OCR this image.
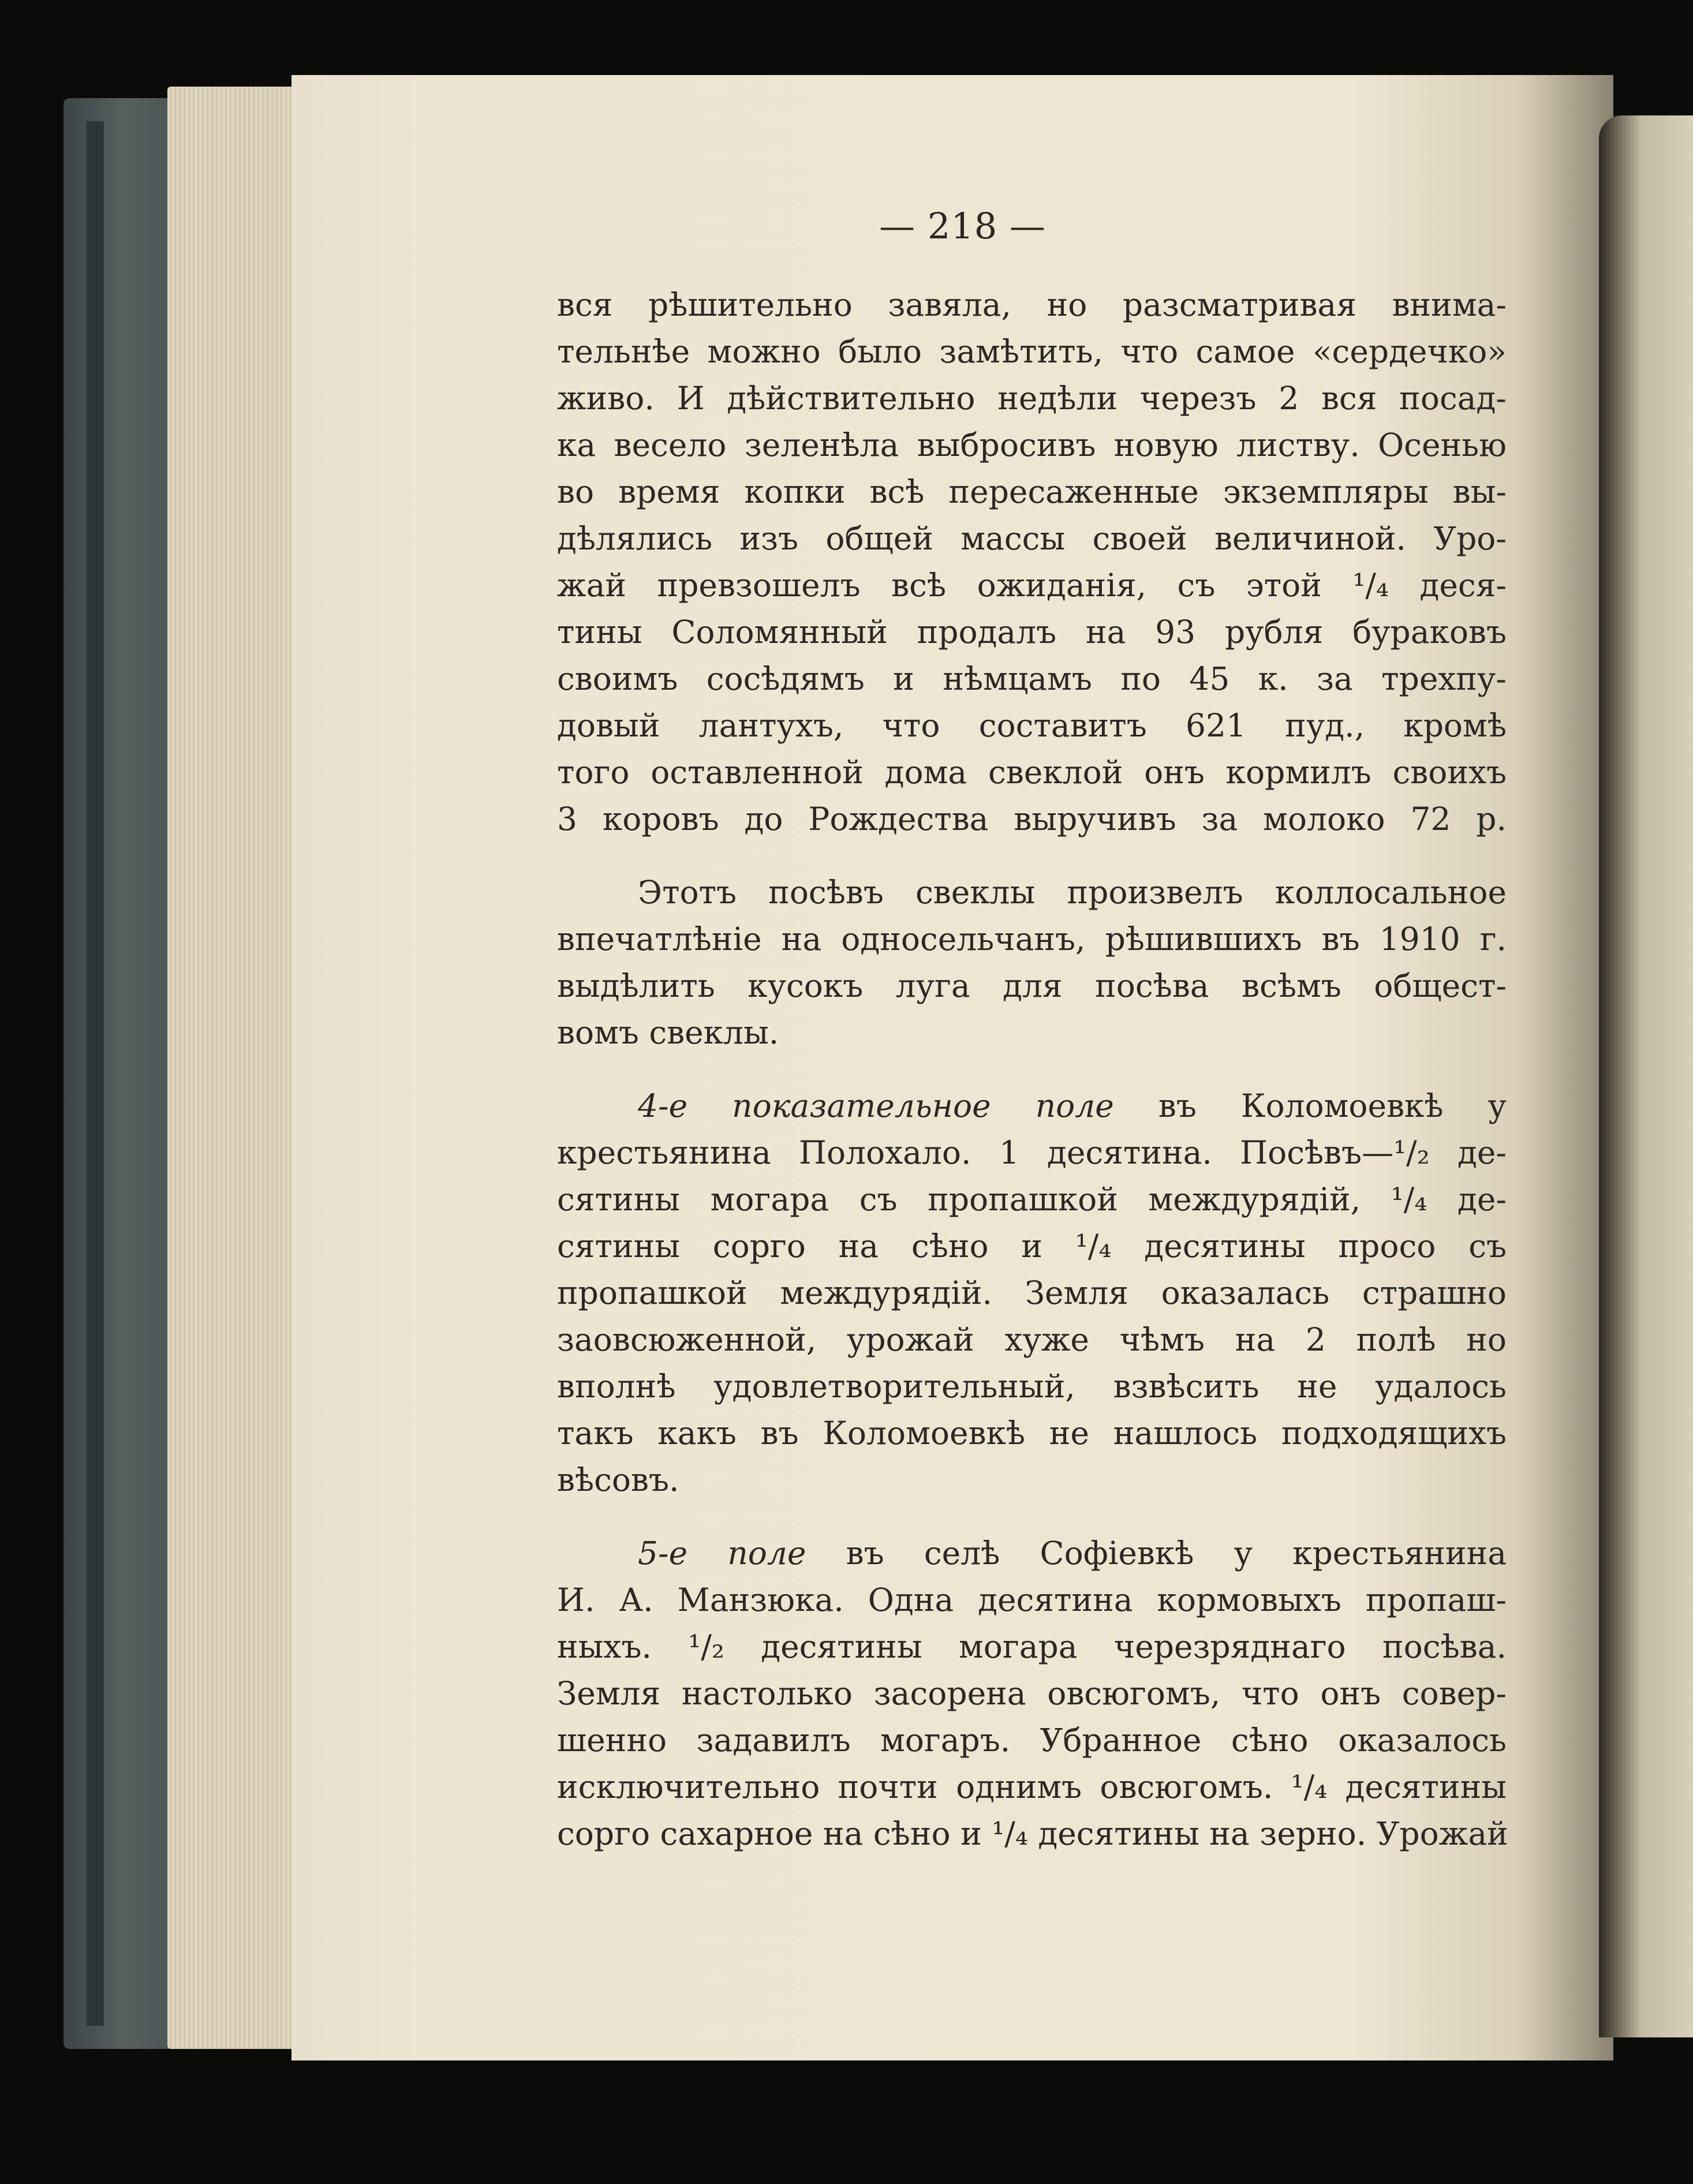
— 218 —
вся рѣшительно завяла, но разсматривая внима-
тельнѣе можно было замѣтить, что самое «сердечко»
живо. И дѣйствительно недѣли черезъ 2 вся посад-
ка весело зеленѣла выбросивъ новую листву. Осенью
во время копки всѣ пересаженные экземпляры вы-
дѣлялись изъ общей массы своей величиной. Уро-
жай превзошелъ всѣ ожиданія, съ этой ¹/₄ деся-
тины Соломянный продалъ на 93 рубля бураковъ
своимъ сосѣдямъ и нѣмцамъ по 45 к. за трехпу-
довый лантухъ, что составитъ 621 пуд., кромѣ
того оставленной дома свеклой онъ кормилъ своихъ
3 коровъ до Рождества выручивъ за молоко 72 р.
Этотъ посѣвъ свеклы произвелъ коллосальное
впечатлѣніе на односельчанъ, рѣшившихъ въ 1910 г.
выдѣлить кусокъ луга для посѣва всѣмъ общест-
вомъ свеклы.
4-е показательное поле въ Коломоевкѣ у
крестьянина Полохало. 1 десятина. Посѣвъ—¹/₂ де-
сятины могара съ пропашкой междурядій, ¹/₄ де-
сятины сорго на сѣно и ¹/₄ десятины просо съ
пропашкой междурядій. Земля оказалась страшно
заовсюженной, урожай хуже чѣмъ на 2 полѣ но
вполнѣ удовлетворительный, взвѣсить не удалось
такъ какъ въ Коломоевкѣ не нашлось подходящихъ
вѣсовъ.
5-е поле въ селѣ Софіевкѣ у крестьянина
И. А. Манзюка. Одна десятина кормовыхъ пропаш-
ныхъ. ¹/₂ десятины могара черезряднаго посѣва.
Земля настолько засорена овсюгомъ, что онъ совер-
шенно задавилъ могаръ. Убранное сѣно оказалось
исключительно почти однимъ овсюгомъ. ¹/₄ десятины
сорго сахарное на сѣно и ¹/₄ десятины на зерно. Урожай
